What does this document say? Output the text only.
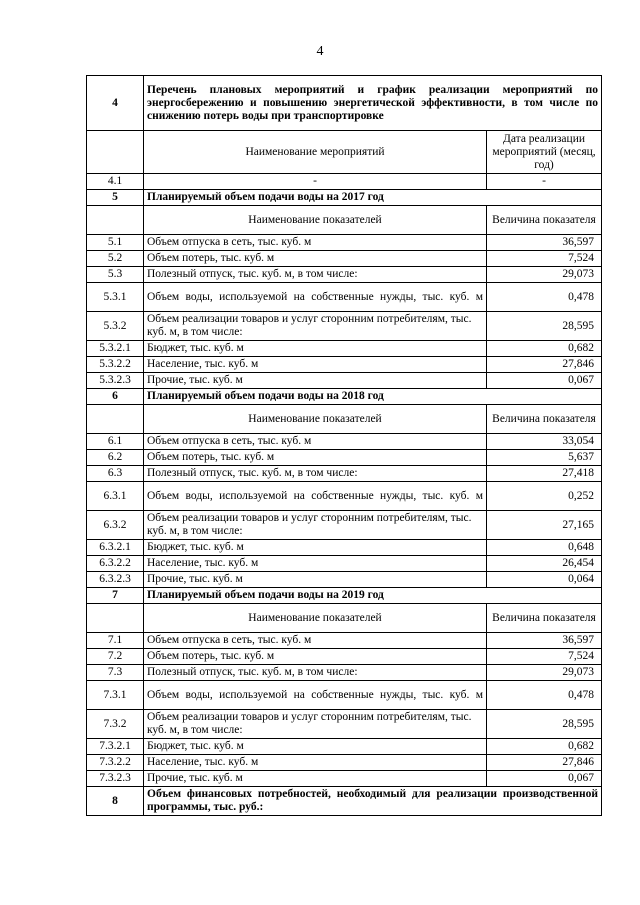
4
4	Перечень плановых мероприятий и график реализации мероприятий по энергосбережению и повышению энергетической эффективности, в том числе по снижению потерь воды при транспортировке	
	Наименование мероприятий	Дата реализации мероприятий (месяц, год)
4.1	-	-
5	Планируемый объем подачи воды на 2017 год	
	Наименование показателей	Величина показателя
5.1	Объем отпуска в сеть, тыс. куб. м	36,597
5.2	Объем потерь, тыс. куб. м	7,524
5.3	Полезный отпуск, тыс. куб. м, в том числе:	29,073
5.3.1	Объем воды, используемой на собственные нужды, тыс. куб. м	0,478
5.3.2	Объем реализации товаров и услуг сторонним потребителям, тыс. куб. м, в том числе:	28,595
5.3.2.1	Бюджет, тыс. куб. м	0,682
5.3.2.2	Население, тыс. куб. м	27,846
5.3.2.3	Прочие, тыс. куб. м	0,067
6	Планируемый объем подачи воды на 2018 год	
	Наименование показателей	Величина показателя
6.1	Объем отпуска в сеть, тыс. куб. м	33,054
6.2	Объем потерь, тыс. куб. м	5,637
6.3	Полезный отпуск, тыс. куб. м, в том числе:	27,418
6.3.1	Объем воды, используемой на собственные нужды, тыс. куб. м	0,252
6.3.2	Объем реализации товаров и услуг сторонним потребителям, тыс. куб. м, в том числе:	27,165
6.3.2.1	Бюджет, тыс. куб. м	0,648
6.3.2.2	Население, тыс. куб. м	26,454
6.3.2.3	Прочие, тыс. куб. м	0,064
7	Планируемый объем подачи воды на 2019 год	
	Наименование показателей	Величина показателя
7.1	Объем отпуска в сеть, тыс. куб. м	36,597
7.2	Объем потерь, тыс. куб. м	7,524
7.3	Полезный отпуск, тыс. куб. м, в том числе:	29,073
7.3.1	Объем воды, используемой на собственные нужды, тыс. куб. м	0,478
7.3.2	Объем реализации товаров и услуг сторонним потребителям, тыс. куб. м, в том числе:	28,595
7.3.2.1	Бюджет, тыс. куб. м	0,682
7.3.2.2	Население, тыс. куб. м	27,846
7.3.2.3	Прочие, тыс. куб. м	0,067
8	Объем финансовых потребностей, необходимый для реализации производственной программы, тыс. руб.:	
